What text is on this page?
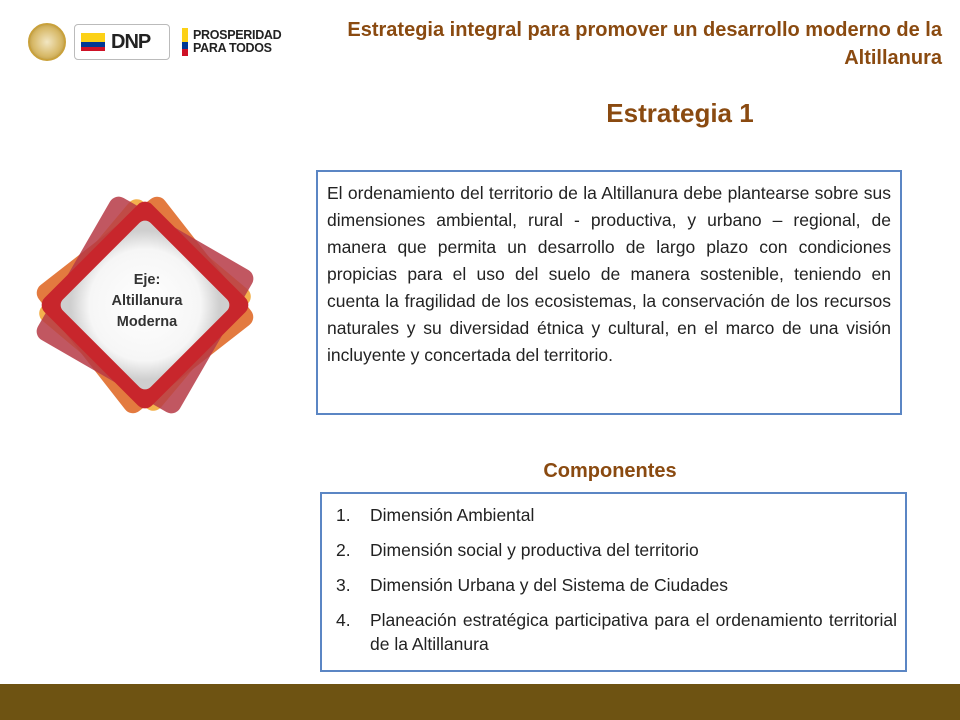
DNP	PROSPERIDAD
PARA TODOS
Estrategia integral para promover un desarrollo moderno de la Altillanura
Estrategia 1
Eje:
Altillanura
Moderna
El ordenamiento del territorio de la Altillanura debe plantearse sobre sus dimensiones ambiental, rural - productiva, y urbano – regional, de manera que permita un desarrollo de largo plazo con condiciones propicias para el uso del suelo de manera sostenible, teniendo en cuenta la fragilidad de los ecosistemas, la conservación de los recursos naturales y su diversidad étnica y cultural, en el marco de una visión incluyente y concertada del territorio.
Componentes
1.	Dimensión Ambiental
2.	Dimensión social y productiva del territorio
3.	Dimensión Urbana y del Sistema de Ciudades
4.	Planeación estratégica participativa para el ordenamiento territorial de la Altillanura
